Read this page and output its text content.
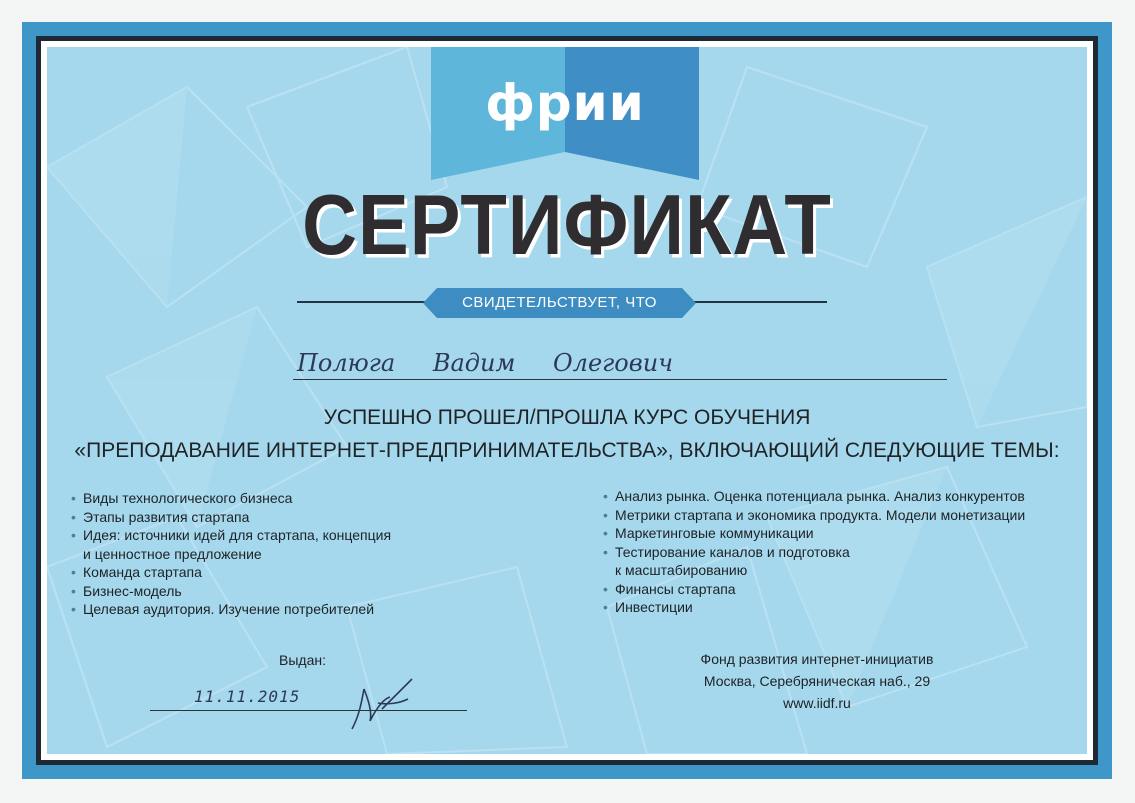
фрии
СЕРТИФИКАТ
СВИДЕТЕЛЬСТВУЕТ, ЧТО
Полюга Вадим Олегович
УСПЕШНО ПРОШЕЛ/ПРОШЛА КУРС ОБУЧЕНИЯ
«ПРЕПОДАВАНИЕ ИНТЕРНЕТ-ПРЕДПРИНИМАТЕЛЬСТВА», ВКЛЮЧАЮЩИЙ СЛЕДУЮЩИЕ ТЕМЫ:
• Виды технологического бизнеса
• Этапы развития стартапа
• Идея: источники идей для стартапа, концепция
и ценностное предложение
• Команда стартапа
• Бизнес-модель
• Целевая аудитория. Изучение потребителей
• Анализ рынка. Оценка потенциала рынка. Анализ конкурентов
• Метрики стартапа и экономика продукта. Модели монетизации
• Маркетинговые коммуникации
• Тестирование каналов и подготовка
к масштабированию
• Финансы стартапа
• Инвестиции
Выдан:
11.11.2015
Фонд развития интернет-инициатив
Москва, Серебряническая наб., 29
www.iidf.ru
